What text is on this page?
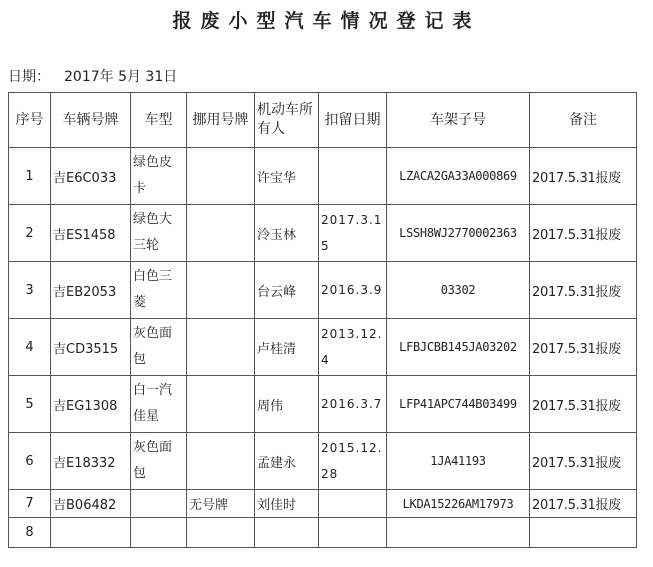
报废小型汽车情况登记表
日期： 2017年 5月 31日
序号	车辆号牌	车型	挪用号牌	机动车所有人	扣留日期	车架子号	备注
1	吉E6C033	绿色皮卡		许宝华		LZACA2GA33A000869	2017.5.31报废
2	吉ES1458	绿色大三轮		泠玉林	2017.3.15	LSSH8WJ2770002363	2017.5.31报废
3	吉EB2053	白色三菱		台云峰	2016.3.9	03302	2017.5.31报废
4	吉CD3515	灰色面包		卢桂清	2013.12.4	LFBJCBB145JA03202	2017.5.31报废
5	吉EG1308	白一汽佳星		周伟	2016.3.7	LFP41APC744B03499	2017.5.31报废
6	吉E18332	灰色面包		孟建永	2015.12.28	1JA41193	2017.5.31报废
7	吉B06482		无号牌	刘佳时		LKDA15226AM17973	2017.5.31报废
8							
